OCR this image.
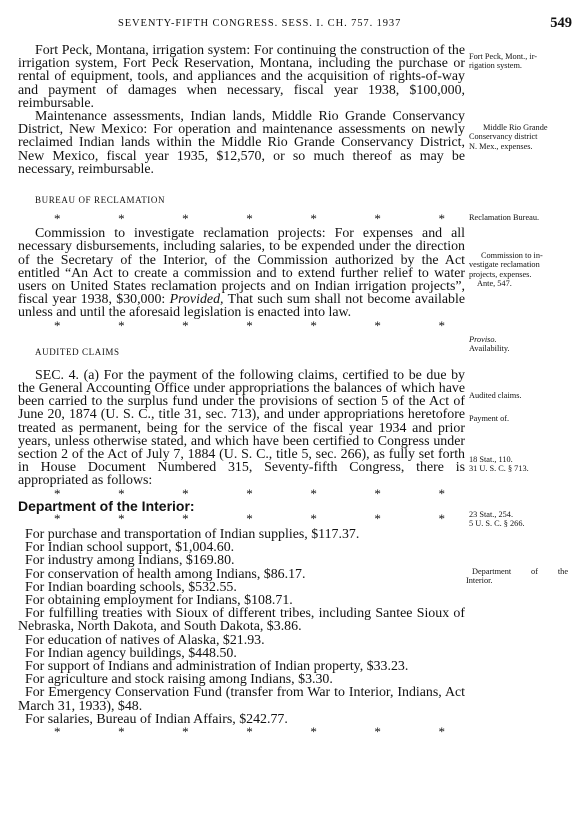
SEVENTY-FIFTH CONGRESS. SESS. I. CH. 757. 1937	549

Fort Peck, Montana, irrigation system: For continuing the construction of the irrigation system, Fort Peck Reservation, Montana, including the purchase or rental of equipment, tools, and appliances and the acquisition of rights-of-way and payment of damages when necessary, fiscal year 1938, $100,000, reimbursable.

Maintenance assessments, Indian lands, Middle Rio Grande Conservancy District, New Mexico: For operation and maintenance assessments on newly reclaimed Indian lands within the Middle Rio Grande Conservancy District, New Mexico, fiscal year 1935, $12,570, or so much thereof as may be necessary, reimbursable.

BUREAU OF RECLAMATION

*	*	*	*	*	*	*

Commission to investigate reclamation projects: For expenses and all necessary disbursements, including salaries, to be expended under the direction of the Secretary of the Interior, of the Commission authorized by the Act entitled “An Act to create a commission and to extend further relief to water users on United States reclamation projects and on Indian irrigation projects”, fiscal year 1938, $30,000: Provided, That such sum shall not become available unless and until the aforesaid legislation is enacted into law.

*	*	*	*	*	*	*

AUDITED CLAIMS

SEC. 4. (a) For the payment of the following claims, certified to be due by the General Accounting Office under appropriations the balances of which have been carried to the surplus fund under the provisions of section 5 of the Act of June 20, 1874 (U. S. C., title 31, sec. 713), and under appropriations heretofore treated as permanent, being for the service of the fiscal year 1934 and prior years, unless otherwise stated, and which have been certified to Congress under section 2 of the Act of July 7, 1884 (U. S. C., title 5, sec. 266), as fully set forth in House Document Numbered 315, Seventy-fifth Congress, there is appropriated as follows:

*	*	*	*	*	*	*

Department of the Interior:

*	*	*	*	*	*	*

For purchase and transportation of Indian supplies, $117.37.

For Indian school support, $1,004.60.

For industry among Indians, $169.80.

For conservation of health among Indians, $86.17.

For Indian boarding schools, $532.55.

For obtaining employment for Indians, $108.71.

For fulfilling treaties with Sioux of different tribes, including Santee Sioux of Nebraska, North Dakota, and South Dakota, $3.86.

For education of natives of Alaska, $21.93.

For Indian agency buildings, $448.50.

For support of Indians and administration of Indian property, $33.23.

For agriculture and stock raising among Indians, $3.30.

For Emergency Conservation Fund (transfer from War to Interior, Indians, Act March 31, 1933), $48.

For salaries, Bureau of Indian Affairs, $242.77.

*	*	*	*	*	*	*

Fort Peck, Mont., ir-

rigation system.

Middle Rio Grande

Conservancy district

N. Mex., expenses.

Reclamation Bureau.

Commission to in-

vestigate reclamation

projects, expenses.

Ante, 547.

Proviso.

Availability.

Audited claims.

Payment of.

18 Stat., 110.

31 U. S. C. § 713.

23 Stat., 254.

5 U. S. C. § 266.

Department of the

Interior.
